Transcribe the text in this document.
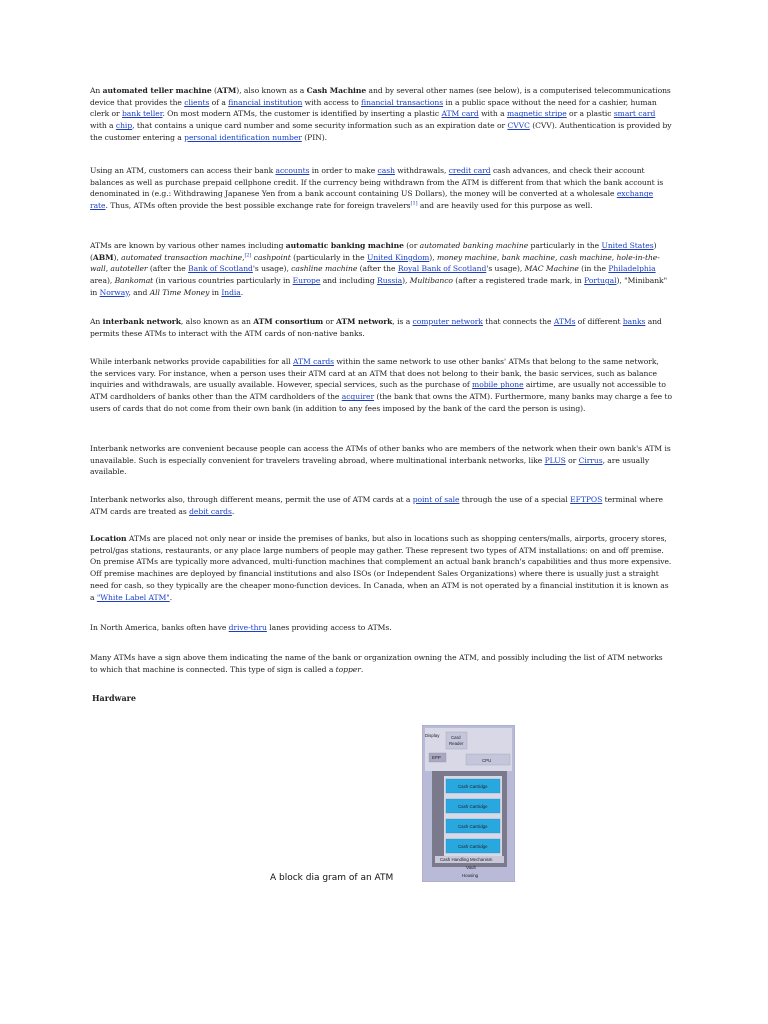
An automated teller machine (ATM), also known as a Cash Machine and by several other names (see below), is a computerised telecommunications device that provides the clients of a financial institution with access to financial transactions in a public space without the need for a cashier, human clerk or bank teller. On most modern ATMs, the customer is identified by inserting a plastic ATM card with a magnetic stripe or a plastic smart card with a chip, that contains a unique card number and some security information such as an expiration date or CVVC (CVV). Authentication is provided by the customer entering a personal identification number (PIN).

Using an ATM, customers can access their bank accounts in order to make cash withdrawals, credit card cash advances, and check their account balances as well as purchase prepaid cellphone credit. If the currency being withdrawn from the ATM is different from that which the bank account is denominated in (e.g.: Withdrawing Japanese Yen from a bank account containing US Dollars), the money will be converted at a wholesale exchange rate. Thus, ATMs often provide the best possible exchange rate for foreign travelers[1] and are heavily used for this purpose as well.

ATMs are known by various other names including automatic banking machine (or automated banking machine particularly in the United States) (ABM), automated transaction machine,[2] cashpoint (particularly in the United Kingdom), money machine, bank machine, cash machine, hole-in-the-wall, autoteller (after the Bank of Scotland's usage), cashline machine (after the Royal Bank of Scotland's usage), MAC Machine (in the Philadelphia area), Bankomat (in various countries particularly in Europe and including Russia), Multibanco (after a registered trade mark, in Portugal), "Minibank" in Norway, and All Time Money in India.

An interbank network, also known as an ATM consortium or ATM network, is a computer network that connects the ATMs of different banks and permits these ATMs to interact with the ATM cards of non-native banks.

While interbank networks provide capabilities for all ATM cards within the same network to use other banks' ATMs that belong to the same network, the services vary. For instance, when a person uses their ATM card at an ATM that does not belong to their bank, the basic services, such as balance inquiries and withdrawals, are usually available. However, special services, such as the purchase of mobile phone airtime, are usually not accessible to ATM cardholders of banks other than the ATM cardholders of the acquirer (the bank that owns the ATM). Furthermore, many banks may charge a fee to users of cards that do not come from their own bank (in addition to any fees imposed by the bank of the card the person is using).

Interbank networks are convenient because people can access the ATMs of other banks who are members of the network when their own bank's ATM is unavailable. Such is especially convenient for travelers traveling abroad, where multinational interbank networks, like PLUS or Cirrus, are usually available.

Interbank networks also, through different means, permit the use of ATM cards at a point of sale through the use of a special EFTPOS terminal where ATM cards are treated as debit cards.

Location ATMs are placed not only near or inside the premises of banks, but also in locations such as shopping centers/malls, airports, grocery stores, petrol/gas stations, restaurants, or any place large numbers of people may gather. These represent two types of ATM installations: on and off premise. On premise ATMs are typically more advanced, multi-function machines that complement an actual bank branch's capabilities and thus more expensive. Off premise machines are deployed by financial institutions and also ISOs (or Independent Sales Organizations) where there is usually just a straight need for cash, so they typically are the cheaper mono-function devices. In Canada, when an ATM is not operated by a financial institution it is known as a "White Label ATM".

In North America, banks often have drive-thru lanes providing access to ATMs.

Many ATMs have a sign above them indicating the name of the bank or organization owning the ATM, and possibly including the list of ATM networks to which that machine is connected. This type of sign is called a topper.

Hardware
Display	Card
Reader
EPP
CPU
Cash Cartridge
Cash Cartridge
Cash Cartridge
Cash Cartridge
Cash Handling Mechanism
Vault
Housing
A block dia gram of an ATM
